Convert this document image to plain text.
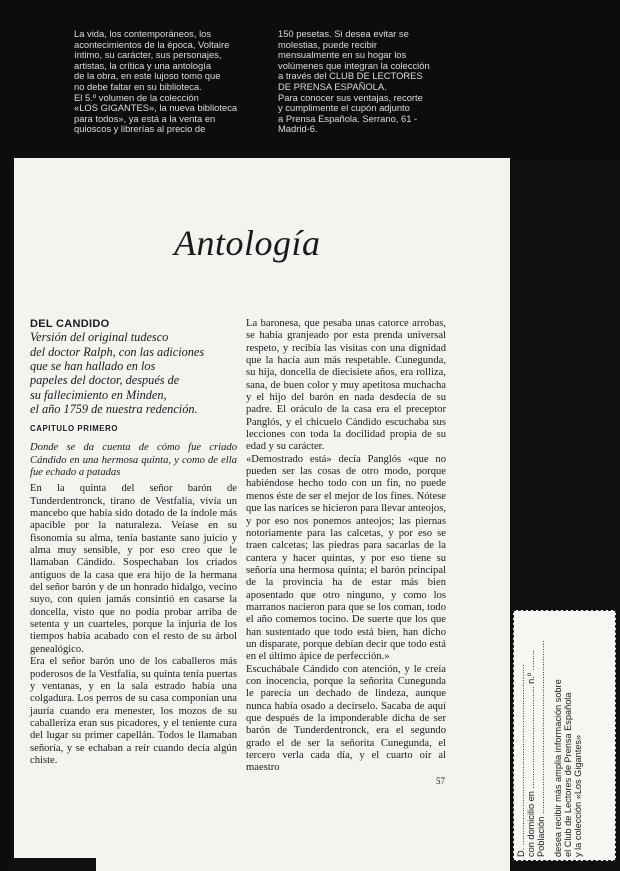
La vida, los contemporáneos, los
acontecimientos de la época, Voltaire
íntimo, su carácter, sus personajes,
artistas, la crítica y una antología
de la obra, en este lujoso tomo que
no debe faltar en su biblioteca.
El 5.º volumen de la colección
«LOS GIGANTES», la nueva biblioteca
para todos», ya está a la venta en
quioscos y librerías al precio de
150 pesetas. Si desea evitar se
molestias, puede recibir
mensualmente en su hogar los
volúmenes que integran la colección
a través del CLUB DE LECTORES
DE PRENSA ESPAÑOLA.
Para conocer sus ventajas, recorte
y cumplimente el cupón adjunto
a Prensa Española. Serrano, 61 -
Madrid-6.
Antología
DEL CANDIDO
Versión del original tudesco
del doctor Ralph, con las adiciones
que se han hallado en los
papeles del doctor, después de
su fallecimiento en Minden,
el año 1759 de nuestra redención.
CAPITULO PRIMERO
Donde se da cuenta de cómo fue criado Cándido en una hermosa quinta, y como de ella fue echado a patadas

En la quinta del señor barón de Tunderdentronck, tirano de Vestfalia, vivía un mancebo que había sido dotado de la índole más apacible por la naturaleza. Veíase en su fisonomía su alma, tenía bastante sano juicio y alma muy sensible, y por eso creo que le llamaban Cándido. Sospechaban los criados antiguos de la casa que era hijo de la hermana del señor barón y de un honrado hidalgo, vecino suyo, con quien jamás consintió en casarse la doncella, visto que no podía probar arriba de setenta y un cuarteles, porque la injuria de los tiempos había acabado con el resto de su árbol genealógico.

Era el señor barón uno de los caballeros más poderosos de la Vestfalia, su quinta tenía puertas y ventanas, y en la sala estrado había una colgadura. Los perros de su casa componían una jauría cuando era menester, los mozos de su caballeriza eran sus picadores, y el teniente cura del lugar su primer capellán. Todos le llamaban señoría, y se echaban a reír cuando decía algún chiste.

La baronesa, que pesaba unas catorce arrobas, se había granjeado por esta prenda universal respeto, y recibía las visitas con una dignidad que la hacía aun más respetable. Cunegunda, su hija, doncella de diecisiete años, era rolliza, sana, de buen color y muy apetitosa muchacha y el hijo del barón en nada desdecía de su padre. El oráculo de la casa era el preceptor Panglós, y el chicuelo Cándido escuchaba sus lecciones con toda la docilidad propia de su edad y su carácter.

«Demostrado está» decía Panglós «que no pueden ser las cosas de otro modo, porque habiéndose hecho todo con un fin, no puede menos éste de ser el mejor de los fines. Nótese que las narices se hicieron para llevar anteojos, y por eso nos ponemos anteojos; las piernas notoriamente para las calcetas, y por eso se traen calcetas; las piedras para sacarlas de la cantera y hacer quintas, y por eso tiene su señoría una hermosa quinta; el barón principal de la provincia ha de estar más bien aposentado que otro ninguno, y como los marranos nacieron para que se los coman, todo el año comemos tocino. De suerte que los que han sustentado que todo está bien, han dicho un disparate, porque debían decir que todo está en el último ápice de perfección.»

Escuchábale Cándido con atención, y le creía con inocencia, porque la señorita Cunegunda le parecía un dechado de lindeza, aunque nunca había osado a decírselo. Sacaba de aquí que después de la imponderable dicha de ser barón de Tunderdentronck, era el segundo grado el de ser la señorita Cunegunda, el tercero verla cada día, y el cuarto oír al maestro

57	D. ....................................................................... con domicilio en ........................................ n.º ........ Población .................................................................... desea recibir más amplia información sobre el Club de Lectores de Prensa Española y la colección «Los Gigantes»
